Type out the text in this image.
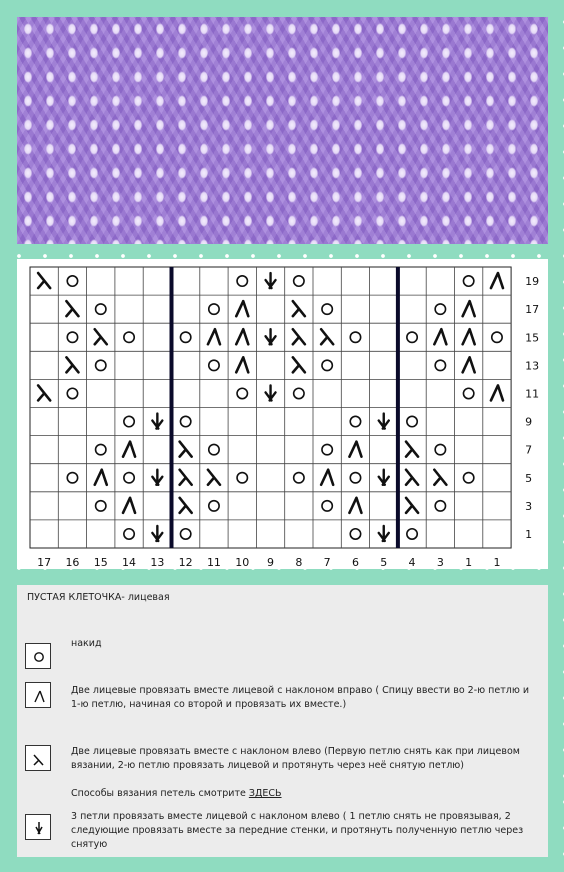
19
17
15
13
11
9
7
5
3
1
17 16 15 14 13 12 11 10 9 8 7 6 5 4 3 1 1
ПУСТАЯ КЛЕТОЧКА- лицевая
накид
Две лицевые провязать вместе лицевой с наклоном вправо ( Спицу ввести во 2-ю петлю и 1-ю петлю, начиная со второй и провязать их вместе.)
Две лицевые провязать вместе с наклоном влево (Первую петлю снять как при лицевом вязании, 2-ю петлю провязать лицевой и протянуть через неё снятую петлю)
Способы вязания петель смотрите ЗДЕСЬ
3 петли провязать вместе лицевой с наклоном влево ( 1 петлю снять не провязывая, 2 следующие провязать вместе за передние стенки, и протянуть полученную петлю через снятую
